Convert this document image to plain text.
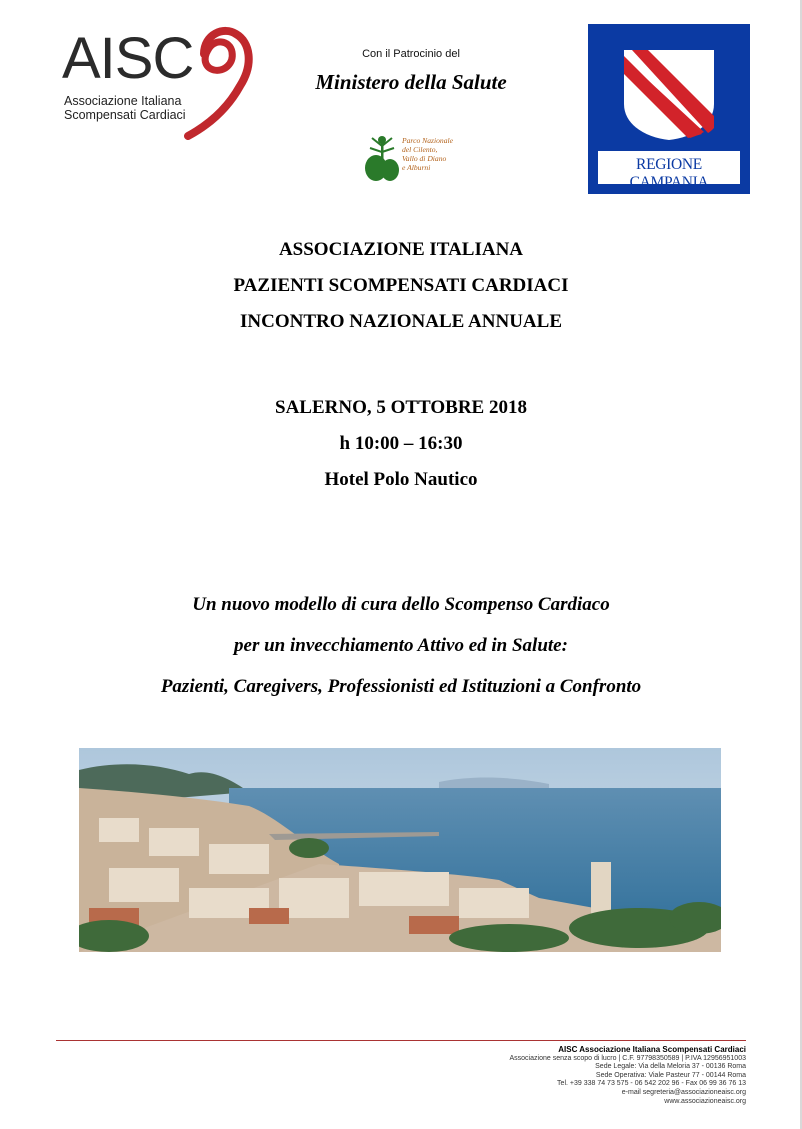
AISC
Associazione Italiana
Scompensati Cardiaci
Con il Patrocinio del
Ministero della Salute
Parco Nazionale
del Cilento,
Vallo di Diano
e Alburni	REGIONE CAMPANIA
ASSOCIAZIONE ITALIANA
PAZIENTI SCOMPENSATI CARDIACI
INCONTRO NAZIONALE ANNUALE
SALERNO, 5 OTTOBRE 2018
h 10:00 – 16:30
Hotel Polo Nautico
Un nuovo modello di cura dello Scompenso Cardiaco
per un invecchiamento Attivo ed in Salute:
Pazienti, Caregivers, Professionisti ed Istituzioni a Confronto
AISC Associazione Italiana Scompensati Cardiaci
Associazione senza scopo di lucro | C.F. 97798350589 | P.IVA 12956951003
Sede Legale: Via della Meloria 37 - 00136 Roma
Sede Operativa: Viale Pasteur 77 - 00144 Roma
Tel. +39 338 74 73 575 - 06 542 202 96 - Fax 06 99 36 76 13
e-mail segreteria@associazioneaisc.org
www.associazioneaisc.org
